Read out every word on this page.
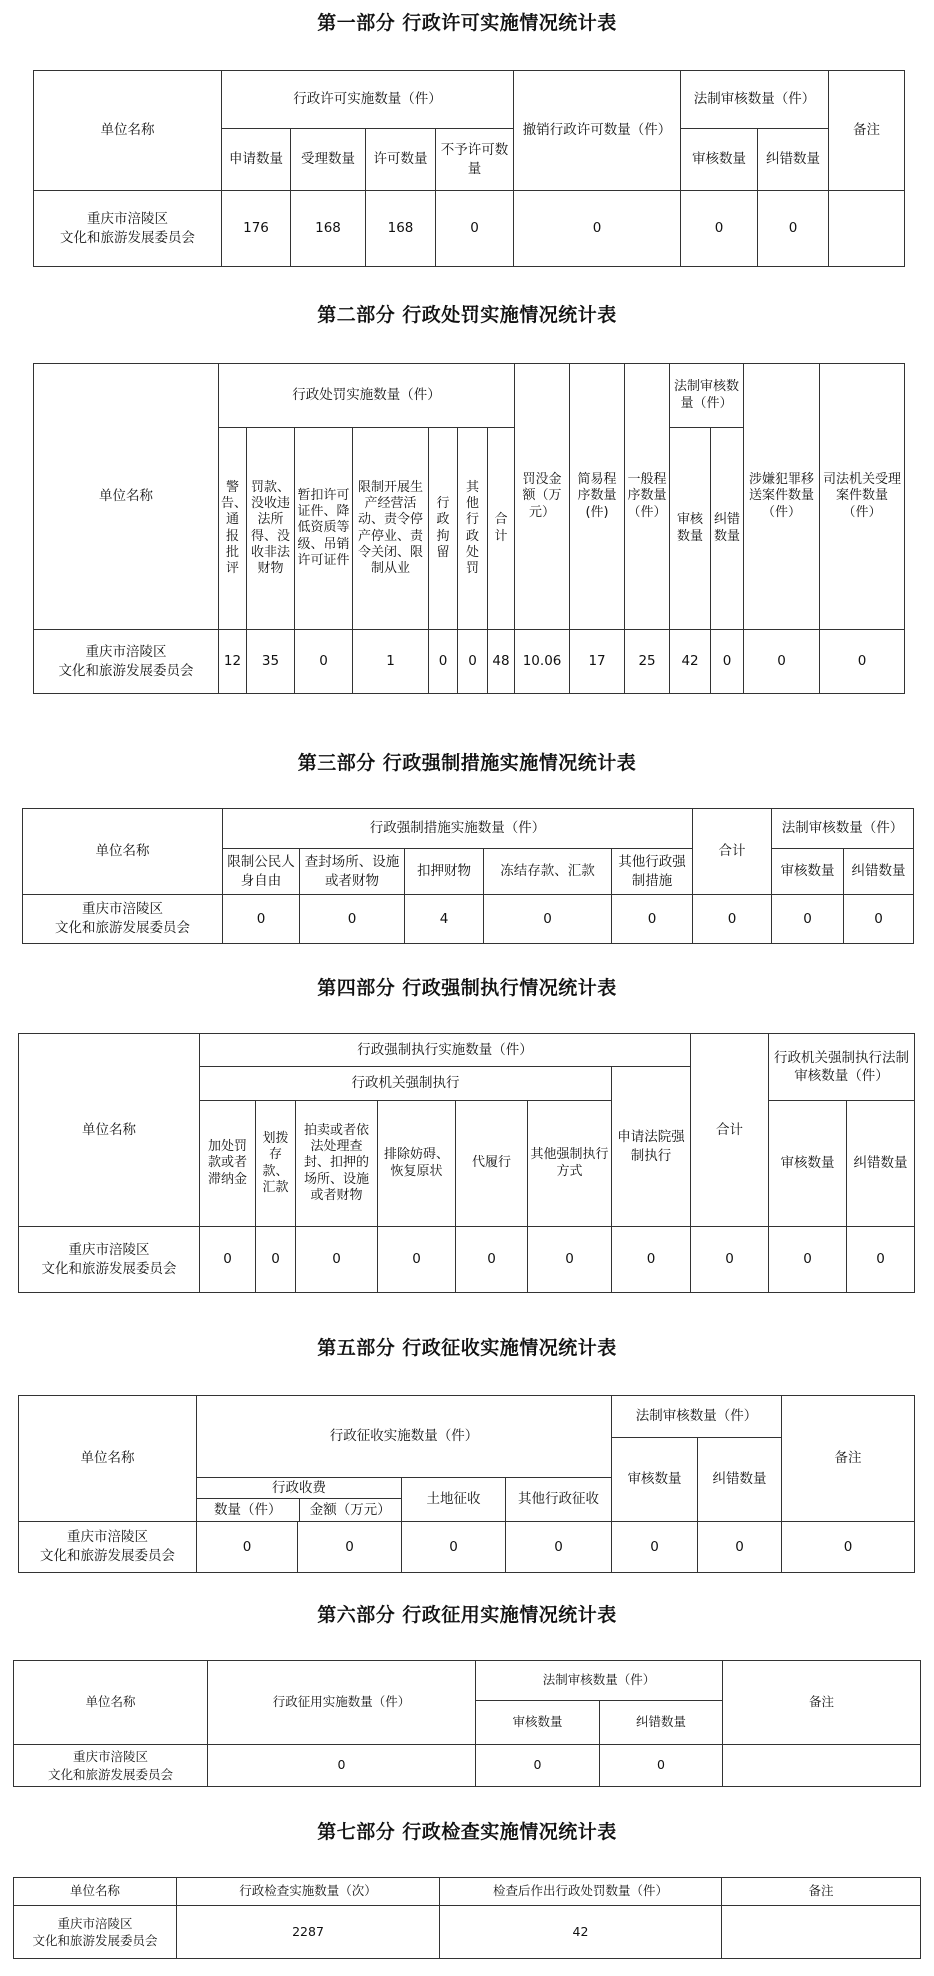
第一部分 行政许可实施情况统计表
单位名称	行政许可实施数量（件）				撤销行政许可数量（件）	法制审核数量（件）		备注
	申请数量	受理数量	许可数量	不予许可数量		审核数量	纠错数量	
重庆市涪陵区
文化和旅游发展委员会	176	168	168	0	0	0	0	
第二部分 行政处罚实施情况统计表
单位名称	行政处罚实施数量（件）							罚没金额（万元）	简易程序数量(件)	一般程序数量（件）	法制审核数量（件）		涉嫌犯罪移送案件数量（件）	司法机关受理案件数量（件）
	警告、通报批评	罚款、没收违法所得、没收非法财物	暂扣许可证件、降低资质等级、吊销许可证件	限制开展生产经营活动、责令停产停业、责令关闭、限制从业	行政拘留	其他行政处罚	合计				审核数量	纠错数量		
重庆市涪陵区
文化和旅游发展委员会	12	35	0	1	0	0	48	10.06	17	25	42	0	0	0
第三部分 行政强制措施实施情况统计表
单位名称	行政强制措施实施数量（件）					合计	法制审核数量（件）	
	限制公民人身自由	查封场所、设施或者财物	扣押财物	冻结存款、汇款	其他行政强制措施		审核数量	纠错数量
重庆市涪陵区
文化和旅游发展委员会	0	0	4	0	0	0	0	0
第四部分 行政强制执行情况统计表
单位名称	行政强制执行实施数量（件）							合计	行政机关强制执行法制审核数量（件）	
	行政机关强制执行						申请法院强制执行			
	加处罚款或者滞纳金	划拨存款、汇款	拍卖或者依法处理查封、扣押的场所、设施或者财物	排除妨碍、恢复原状	代履行	其他强制执行方式			审核数量	纠错数量
重庆市涪陵区
文化和旅游发展委员会	0	0	0	0	0	0	0	0	0	0
第五部分 行政征收实施情况统计表
单位名称	行政征收实施数量（件）				法制审核数量（件）		备注
					审核数量	纠错数量	

	行政收费
数量（件） 金额（万元）		土地征收	其他行政征收			
重庆市涪陵区
文化和旅游发展委员会	0	0	0	0	0	0	0
第六部分 行政征用实施情况统计表
单位名称	行政征用实施数量（件）	法制审核数量（件）		备注
		审核数量	纠错数量	
重庆市涪陵区
文化和旅游发展委员会	0	0	0	
第七部分 行政检查实施情况统计表
单位名称	行政检查实施数量（次）	检查后作出行政处罚数量（件）	备注
重庆市涪陵区
文化和旅游发展委员会	2287	42	
